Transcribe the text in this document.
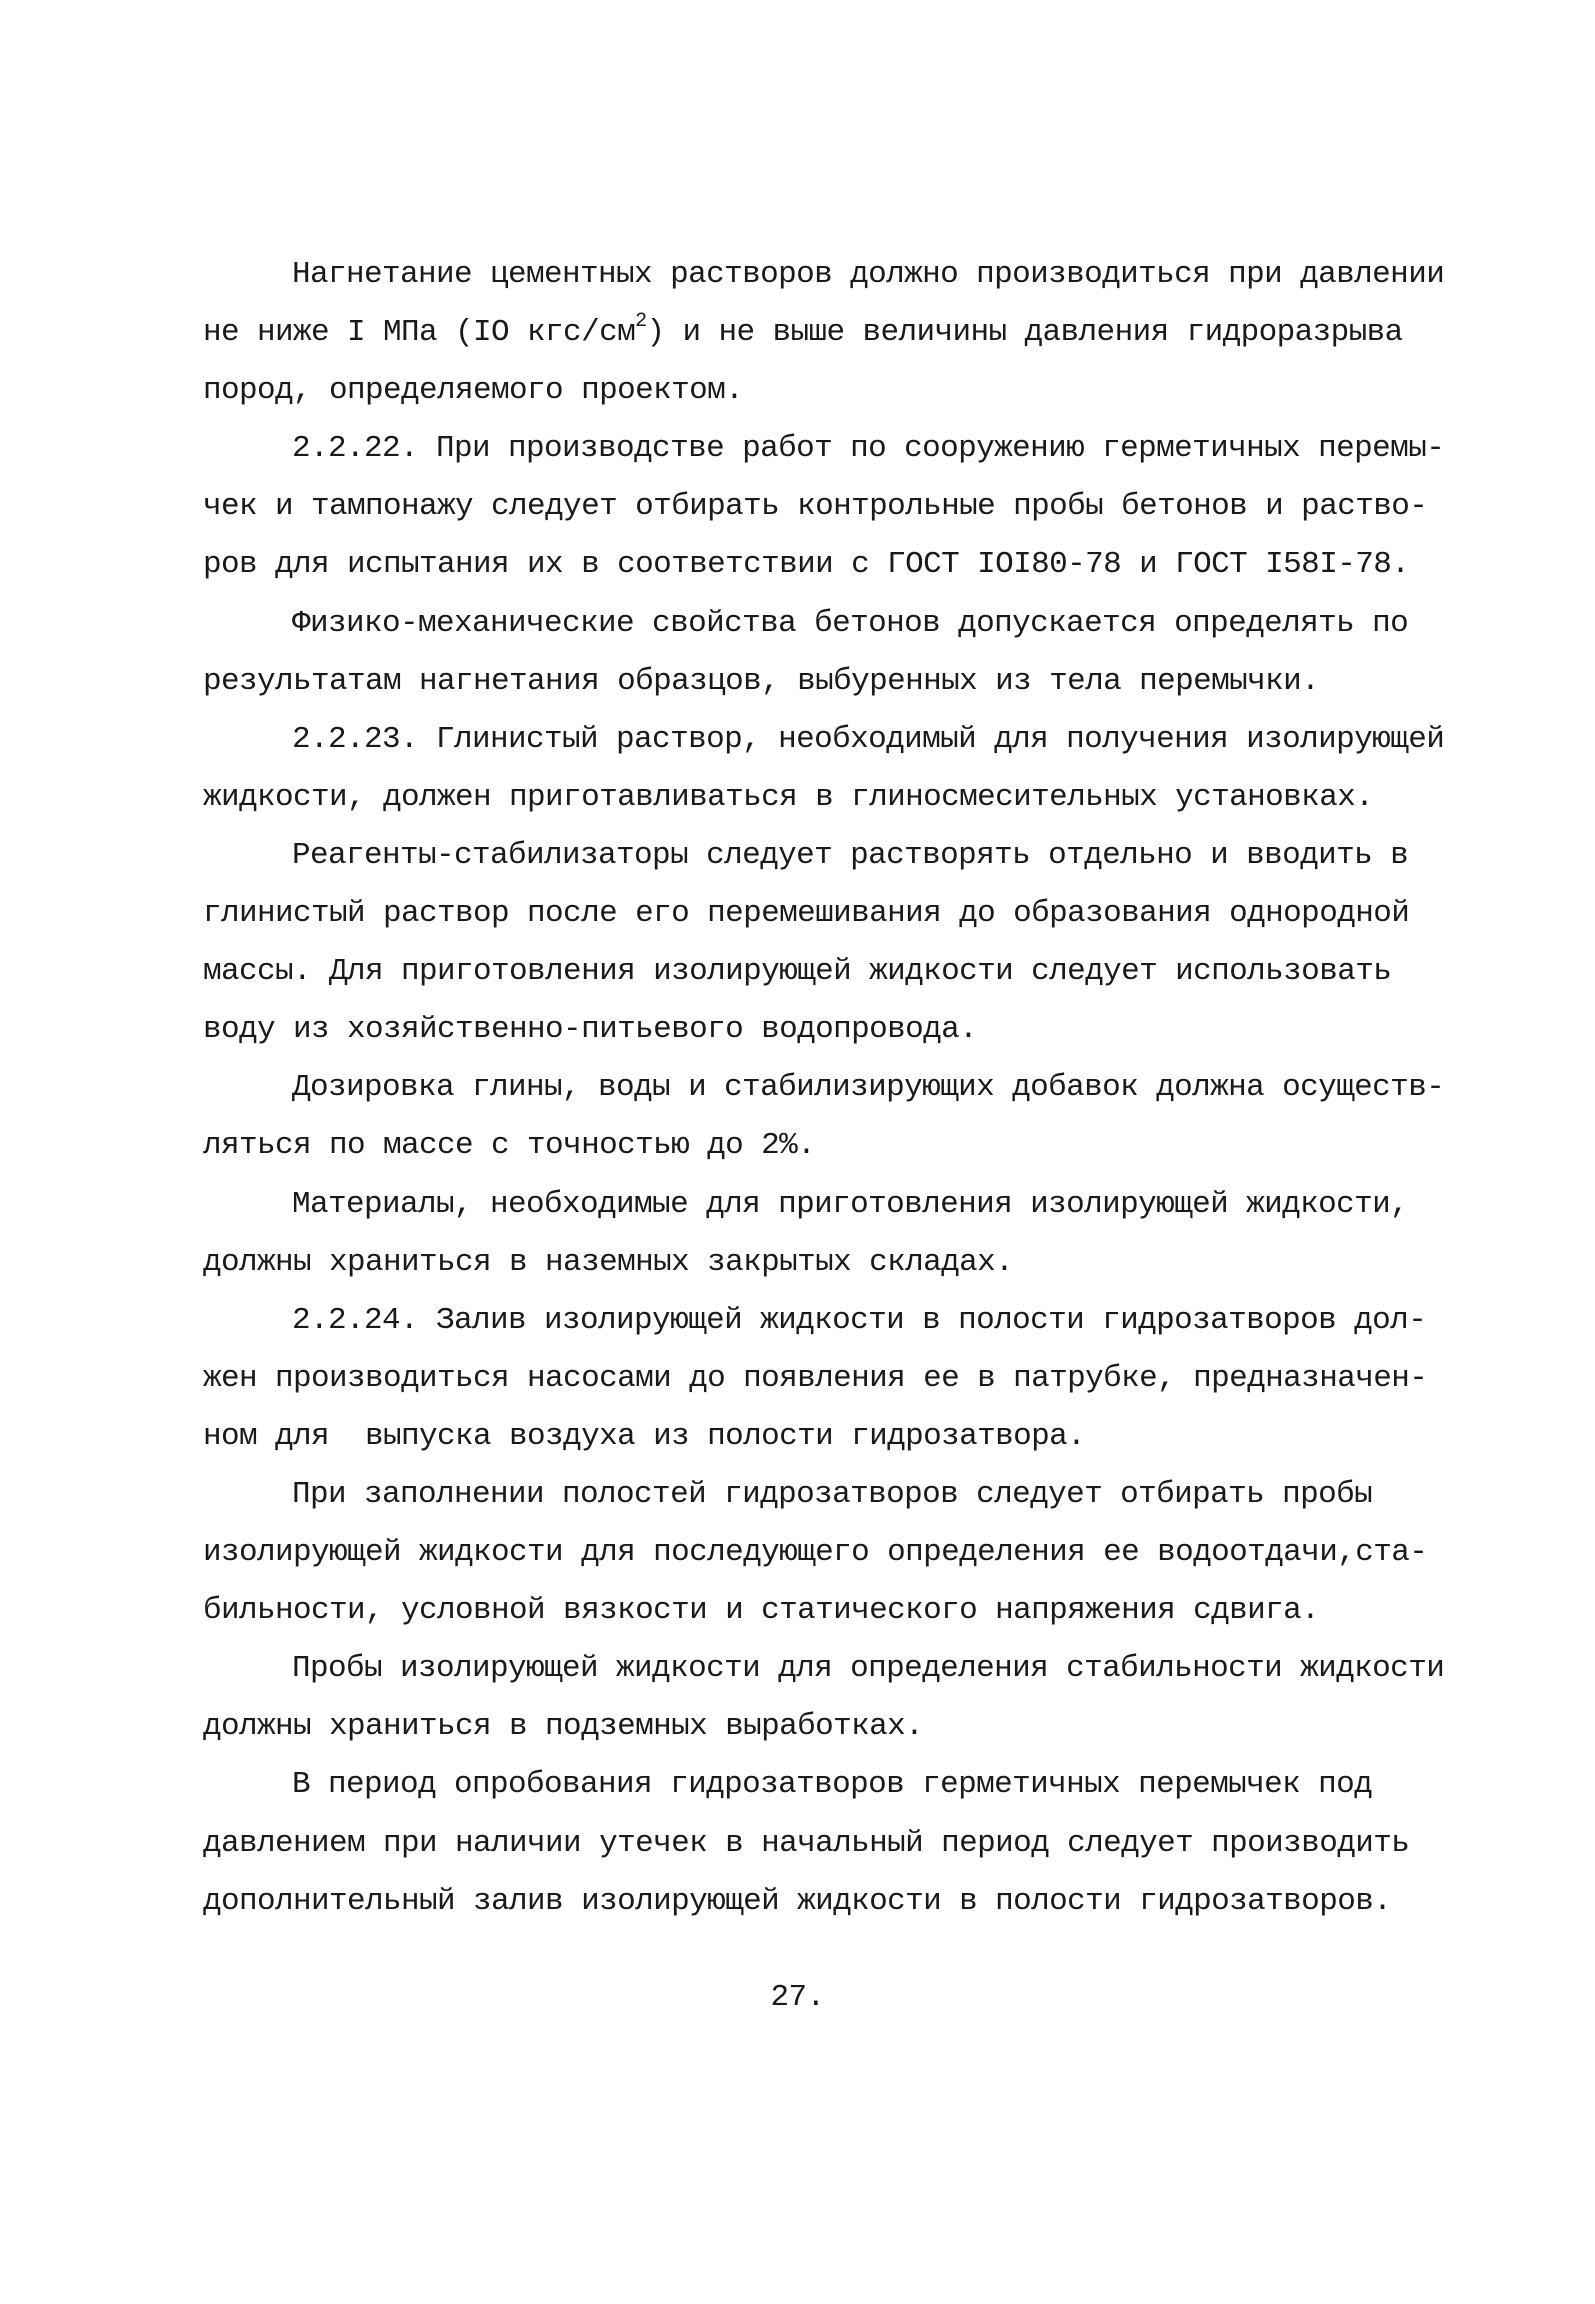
Нагнетание цементных растворов должно производиться при давлении
не ниже I МПа (IO кгс/$см^2$) и не выше величины давления гидроразрыва
пород, определяемого проектом.
2.2.22. При производстве работ по сооружению герметичных перемы-
чек и тампонажу следует отбирать контрольные пробы бетонов и раство-
ров для испытания их в соответствии с ГОСТ IOI80-78 и ГОСТ I58I-78.
Физико-механические свойства бетонов допускается определять по
результатам нагнетания образцов, выбуренных из тела перемычки.
2.2.23. Глинистый раствор, необходимый для получения изолирующей
жидкости, должен приготавливаться в глиносмесительных установках.
Реагенты-стабилизаторы следует растворять отдельно и вводить в
глинистый раствор после его перемешивания до образования однородной
массы. Для приготовления изолирующей жидкости следует использовать
воду из хозяйственно-питьевого водопровода.
Дозировка глины, воды и стабилизирующих добавок должна осуществ-
ляться по массе с точностью до 2%.
Материалы, необходимые для приготовления изолирующей жидкости,
должны храниться в наземных закрытых складах.
2.2.24. Залив изолирующей жидкости в полости гидрозатворов дол-
жен производиться насосами до появления ее в патрубке, предназначен-
ном для  выпуска воздуха из полости гидрозатвора.
При заполнении полостей гидрозатворов следует отбирать пробы
изолирующей жидкости для последующего определения ее водоотдачи,ста-
бильности, условной вязкости и статического напряжения сдвига.
Пробы изолирующей жидкости для определения стабильности жидкости
должны храниться в подземных выработках.
В период опробования гидрозатворов герметичных перемычек под
давлением при наличии утечек в начальный период следует производить
дополнительный залив изолирующей жидкости в полости гидрозатворов.
27.
